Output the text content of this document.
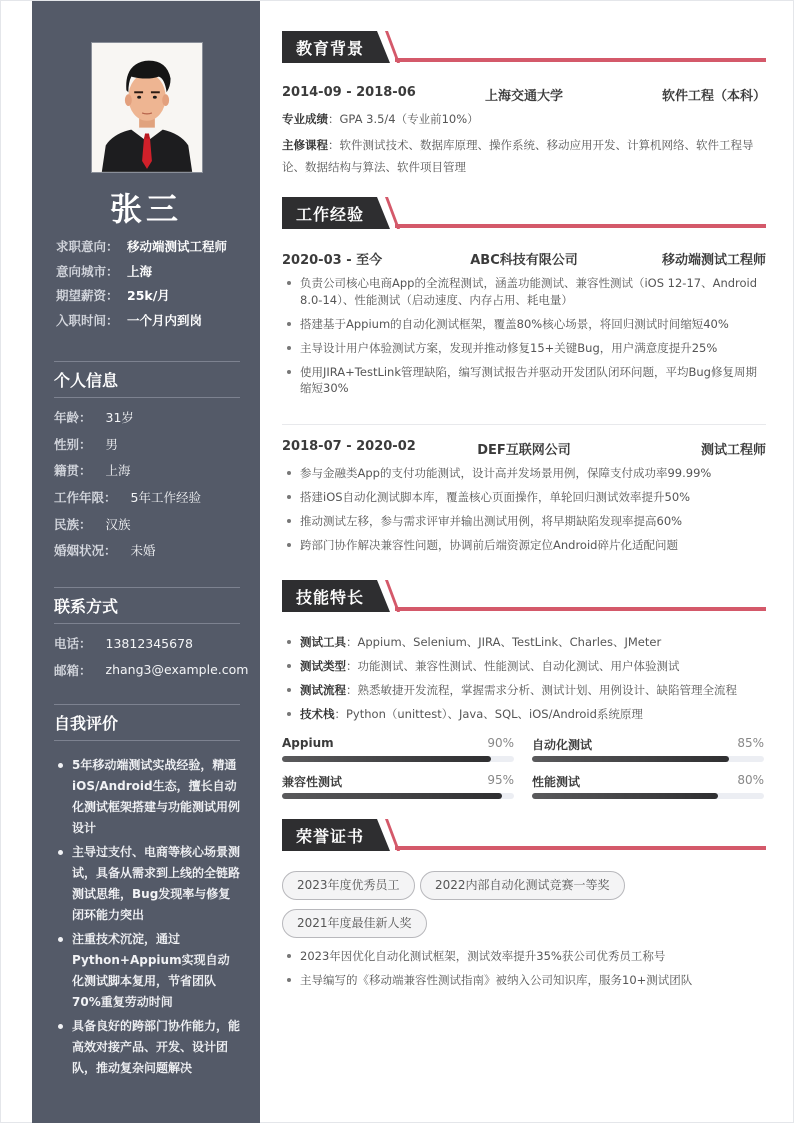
张三
求职意向： 移动端测试工程师
意向城市： 上海
期望薪资： 25k/月
入职时间： 一个月内到岗
个人信息
年龄：	31岁
性别：	男
籍贯：	上海
工作年限：	5年工作经验
民族：	汉族
婚姻状况：	未婚
联系方式
电话：	13812345678
邮箱：	zhang3@example.com
自我评价
5年移动端测试实战经验，精通iOS/Android生态，擅长自动化测试框架搭建与功能测试用例设计
主导过支付、电商等核心场景测试，具备从需求到上线的全链路测试思维，Bug发现率与修复闭环能力突出
注重技术沉淀，通过Python+Appium实现自动化测试脚本复用，节省团队70%重复劳动时间
具备良好的跨部门协作能力，能高效对接产品、开发、设计团队，推动复杂问题解决
教育背景
2014-09 - 2018-06	上海交通大学	软件工程（本科）
专业成绩：GPA 3.5/4（专业前10%）
主修课程：软件测试技术、数据库原理、操作系统、移动应用开发、计算机网络、软件工程导论、数据结构与算法、软件项目管理
工作经验
2020-03 - 至今	ABC科技有限公司	移动端测试工程师
负责公司核心电商App的全流程测试，涵盖功能测试、兼容性测试（iOS 12-17、Android 8.0-14）、性能测试（启动速度、内存占用、耗电量）
搭建基于Appium的自动化测试框架，覆盖80%核心场景，将回归测试时间缩短40%
主导设计用户体验测试方案，发现并推动修复15+关键Bug，用户满意度提升25%
使用JIRA+TestLink管理缺陷，编写测试报告并驱动开发团队闭环问题，平均Bug修复周期缩短30%
2018-07 - 2020-02	DEF互联网公司	测试工程师
参与金融类App的支付功能测试，设计高并发场景用例，保障支付成功率99.99%
搭建iOS自动化测试脚本库，覆盖核心页面操作，单轮回归测试效率提升50%
推动测试左移，参与需求评审并输出测试用例，将早期缺陷发现率提高60%
跨部门协作解决兼容性问题，协调前后端资源定位Android碎片化适配问题
技能特长
测试工具：Appium、Selenium、JIRA、TestLink、Charles、JMeter
测试类型：功能测试、兼容性测试、性能测试、自动化测试、用户体验测试
测试流程：熟悉敏捷开发流程，掌握需求分析、测试计划、用例设计、缺陷管理全流程
技术栈：Python（unittest）、Java、SQL、iOS/Android系统原理
Appium	90% 自动化测试	85%
兼容性测试	95% 性能测试	80%
荣誉证书
2023年度优秀员工	2022内部自动化测试竞赛一等奖
2021年度最佳新人奖
2023年因优化自动化测试框架，测试效率提升35%获公司优秀员工称号
主导编写的《移动端兼容性测试指南》被纳入公司知识库，服务10+测试团队
